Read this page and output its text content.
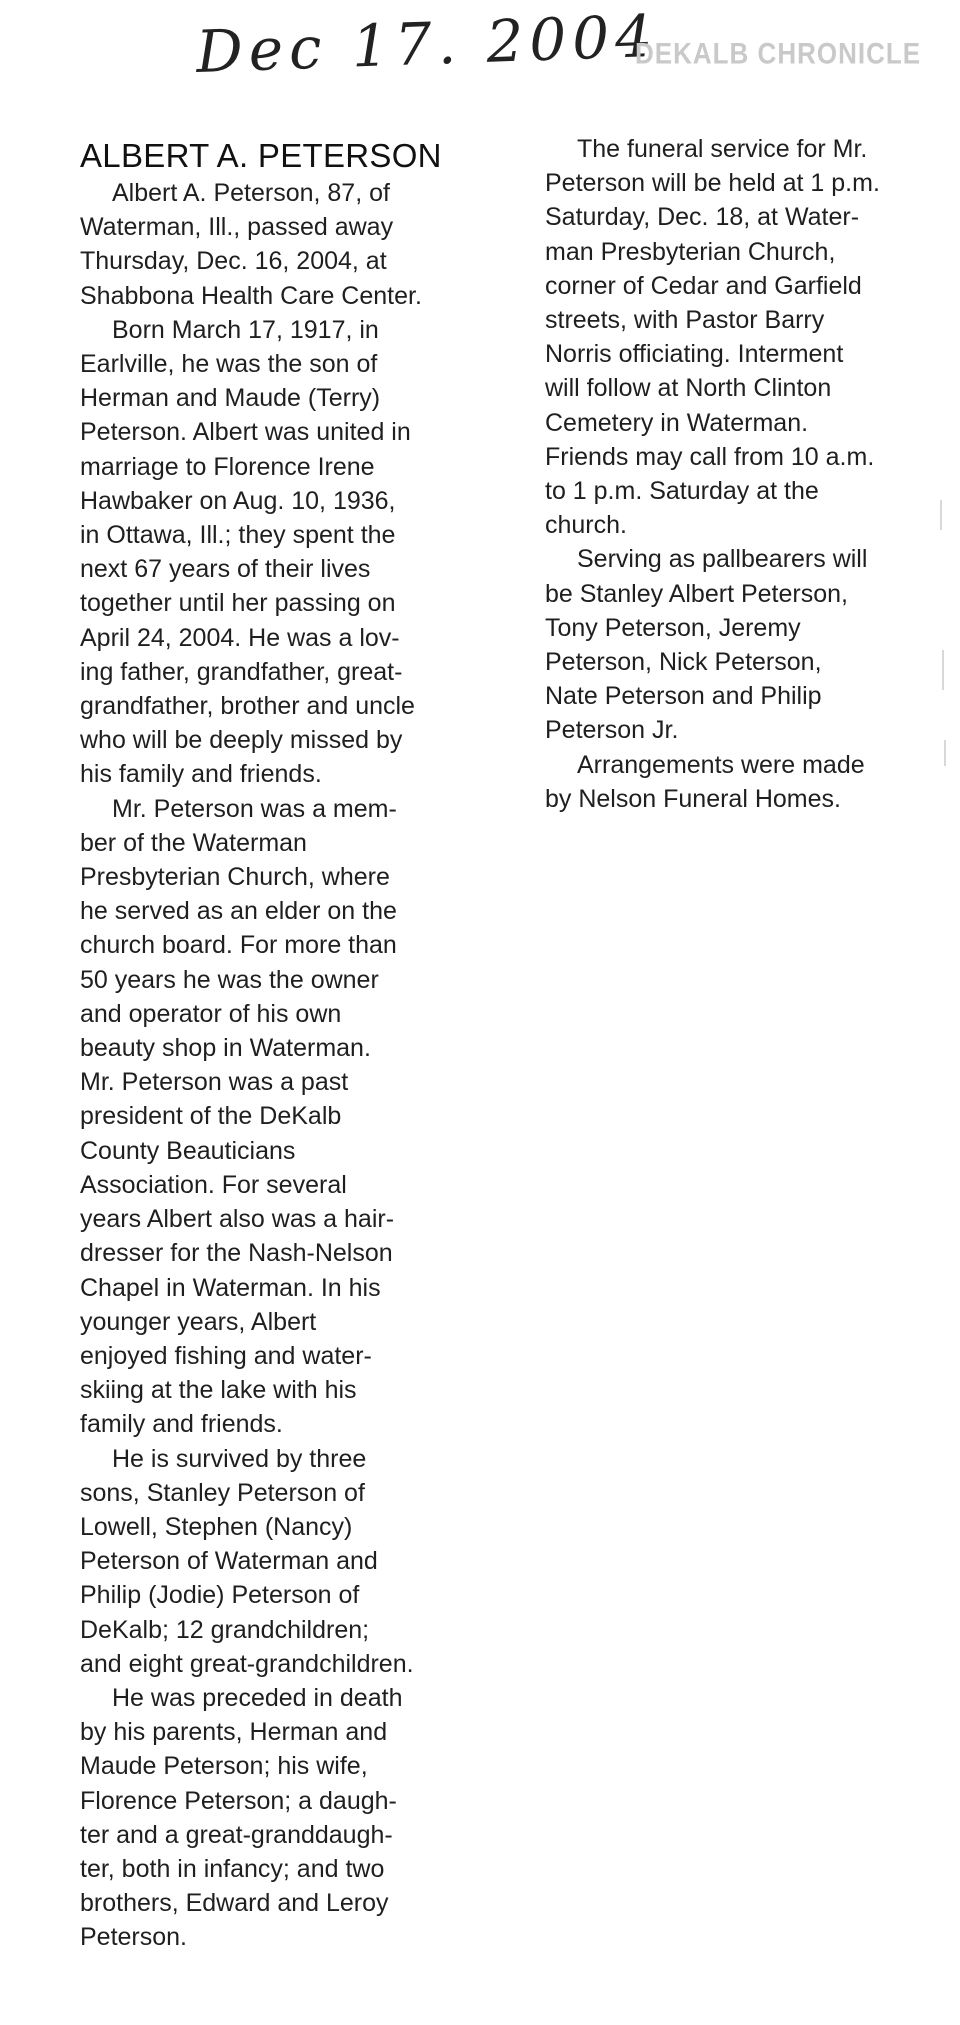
Dec 17. 2004
DEKALB CHRONICLE
ALBERT A. PETERSON

Albert A. Peterson, 87, of
Waterman, Ill., passed away
Thursday, Dec. 16, 2004, at
Shabbona Health Care Center.

Born March 17, 1917, in
Earlville, he was the son of
Herman and Maude (Terry)
Peterson. Albert was united in
marriage to Florence Irene
Hawbaker on Aug. 10, 1936,
in Ottawa, Ill.; they spent the
next 67 years of their lives
together until her passing on
April 24, 2004. He was a lov-
ing father, grandfather, great-
grandfather, brother and uncle
who will be deeply missed by
his family and friends.

Mr. Peterson was a mem-
ber of the Waterman
Presbyterian Church, where
he served as an elder on the
church board. For more than
50 years he was the owner
and operator of his own
beauty shop in Waterman.
Mr. Peterson was a past
president of the DeKalb
County Beauticians
Association. For several
years Albert also was a hair-
dresser for the Nash-Nelson
Chapel in Waterman. In his
younger years, Albert
enjoyed fishing and water-
skiing at the lake with his
family and friends.

He is survived by three
sons, Stanley Peterson of
Lowell, Stephen (Nancy)
Peterson of Waterman and
Philip (Jodie) Peterson of
DeKalb; 12 grandchildren;
and eight great-grandchildren.

He was preceded in death
by his parents, Herman and
Maude Peterson; his wife,
Florence Peterson; a daugh-
ter and a great-granddaugh-
ter, both in infancy; and two
brothers, Edward and Leroy
Peterson.

The funeral service for Mr.
Peterson will be held at 1 p.m.
Saturday, Dec. 18, at Water-
man Presbyterian Church,
corner of Cedar and Garfield
streets, with Pastor Barry
Norris officiating. Interment
will follow at North Clinton
Cemetery in Waterman.
Friends may call from 10 a.m.
to 1 p.m. Saturday at the
church.

Serving as pallbearers will
be Stanley Albert Peterson,
Tony Peterson, Jeremy
Peterson, Nick Peterson,
Nate Peterson and Philip
Peterson Jr.

Arrangements were made
by Nelson Funeral Homes.
